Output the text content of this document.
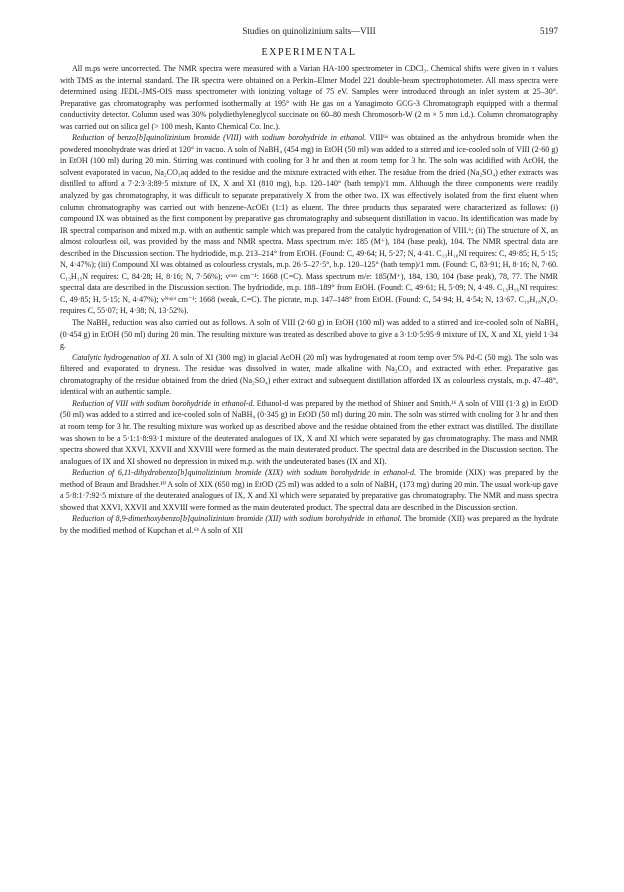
Studies on quinolizinium salts—VIII	5197
EXPERIMENTAL

All m.ps were uncorrected. The NMR spectra were measured with a Varian HA-100 spectrometer in CDCl₃. Chemical shifts were given in τ values with TMS as the internal standard. The IR spectra were obtained on a Perkin–Elmer Model 221 double-beam spectrophotometer. All mass spectra were determined using JEDL-JMS-OIS mass spectrometer with ionizing voltage of 75 eV. Samples were introduced through an inlet system at 25–30°. Preparative gas chromatography was performed isothermally at 195° with He gas on a Yanagimoto GCG-3 Chromatograph equipped with a thermal conductivity detector. Column used was 30% polydiethyleneglycol succinate on 60–80 mesh Chromosorb-W (2 m × 5 mm i.d.). Column chromatography was carried out on silica gel (> 100 mesh, Kanto Chemical Co. Inc.).

Reduction of benzo[b]quinolizinium bromide (VIII) with sodium borohydride in ethanol. VIII⁶ᵃ was obtained as the anhydrous bromide when the powdered monohydrate was dried at 120° in vacuo. A soln of NaBH₄ (454 mg) in EtOH (50 ml) was added to a stirred and ice-cooled soln of VIII (2·60 g) in EtOH (100 ml) during 20 min. Stirring was continued with cooling for 3 hr and then at room temp for 3 hr. The soln was acidified with AcOH, the solvent evaporated in vacuo, Na₂CO₃aq added to the residue and the mixture extracted with ether. The residue from the dried (Na₂SO₄) ether extracts was distilled to afford a 7·2:3·3:89·5 mixture of IX, X and XI (810 mg), b.p. 120–140° (bath temp)/1 mm. Although the three components were readily analyzed by gas chromatography, it was difficult to separate preparatively X from the other two. IX was effectively isolated from the first eluent when column chromatography was carried out with benzene-AcOEt (1:1) as eluent. The three products thus separated were characterized as follows: (i) compound IX was obtained as the first component by preparative gas chromatography and subsequent distillation in vacuo. Its identification was made by IR spectral comparison and mixed m.p. with an authentic sample which was prepared from the catalytic hydrogenation of VIII.⁶; (ii) The structure of X, an almost colourless oil, was provided by the mass and NMR spectra. Mass spectrum m/e: 185 (M⁺), 184 (base peak), 104. The NMR spectral data are described in the Discussion section. The hydriodide, m.p. 213–214° from EtOH. (Found: C, 49·64; H, 5·27; N, 4·41. C₁₃H₁₆NI requires: C, 49·85; H, 5·15; N, 4·47%); (iii) Compound XI was obtained as colourless crystals, m.p. 26·5–27·5°, b.p. 120–125° (bath temp)/1 mm. (Found: C, 83·91; H, 8·16; N, 7·60. C₁₃H₁₅N requires: C, 84·28; H, 8·16; N, 7·56%); νᵐᵃˣ cm⁻¹: 1668 (C=C). Mass spectrum m/e: 185(M⁺), 184, 130, 104 (base peak), 78, 77. The NMR spectral data are described in the Discussion section. The hydriodide, m.p. 188–189° from EtOH. (Found: C, 49·61; H, 5·09; N, 4·49. C₁₃H₁₆NI requires: C, 49·85; H, 5·15; N, 4·47%); νᴺᵘʲᵒˡ cm⁻¹: 1668 (weak, C=C). The picrate, m.p. 147–148° from EtOH. (Found: C, 54·94; H, 4·54; N, 13·67. C₁₉H₁₈N₄O₇ requires C, 55·07; H, 4·38; N, 13·52%).

The NaBH₄ reduction was also carried out as follows. A soln of VIII (2·60 g) in EtOH (100 ml) was added to a stirred and ice-cooled soln of NaBH₄ (0·454 g) in EtOH (50 ml) during 20 min. The resulting mixture was treated as described above to give a 3·1:0·5:95·9 mixture of IX, X and XI, yield 1·34 g.

Catalytic hydrogenation of XI. A soln of XI (300 mg) in glacial AcOH (20 ml) was hydrogenated at room temp over 5% Pd-C (50 mg). The soln was filtered and evaporated to dryness. The residue was dissolved in water, made alkaline with Na₂CO₃ and extracted with ether. Preparative gas chromatography of the residue obtained from the dried (Na₂SO₄) ether extract and subsequent distillation afforded IX as colourless crystals, m.p. 47–48°, identical with an authentic sample.

Reduction of VIII with sodium borohydride in ethanol-d. Ethanol-d was prepared by the method of Shiner and Smith.¹⁶ A soln of VIII (1·3 g) in EtOD (50 ml) was added to a stirred and ice-cooled soln of NaBH₄ (0·345 g) in EtOD (50 ml) during 20 min. The soln was stirred with cooling for 3 hr and then at room temp for 3 hr. The resulting mixture was worked up as described above and the residue obtained from the ether extract was distilled. The distillate was shown to be a 5·1:1·8:93·1 mixture of the deuterated analogues of IX, X and XI which were separated by gas chromatography. The mass and NMR spectra showed that XXVI, XXVII and XXVIII were formed as the main deuterated product. The spectral data are described in the Discussion section. The analogues of IX and XI showed no depression in mixed m.p. with the undeuterated bases (IX and XI).

Reduction of 6,11-dihydrobenzo[b]quinolizinium bromide (XIX) with sodium borohydride in ethanol-d. The bromide (XIX) was prepared by the method of Braun and Bradsher.¹⁰ A soln of XIX (650 mg) in EtOD (25 ml) was added to a soln of NaBH₄ (173 mg) during 20 min. The usual work-up gave a 5·8:1·7:92·5 mixture of the deuterated analogues of IX, X and XI which were separated by preparative gas chromatography. The NMR and mass spectra showed that XXVI, XXVII and XXVIII were formed as the main deuterated product. The spectral data are described in the Discussion section.

Reduction of 8,9-dimethoxybenzo[b]quinolizinium bromide (XII) with sodium borohydride in ethanol. The bromide (XII) was prepared as the hydrate by the modified method of Kupchan et al.⁶ᵇ A soln of XII
